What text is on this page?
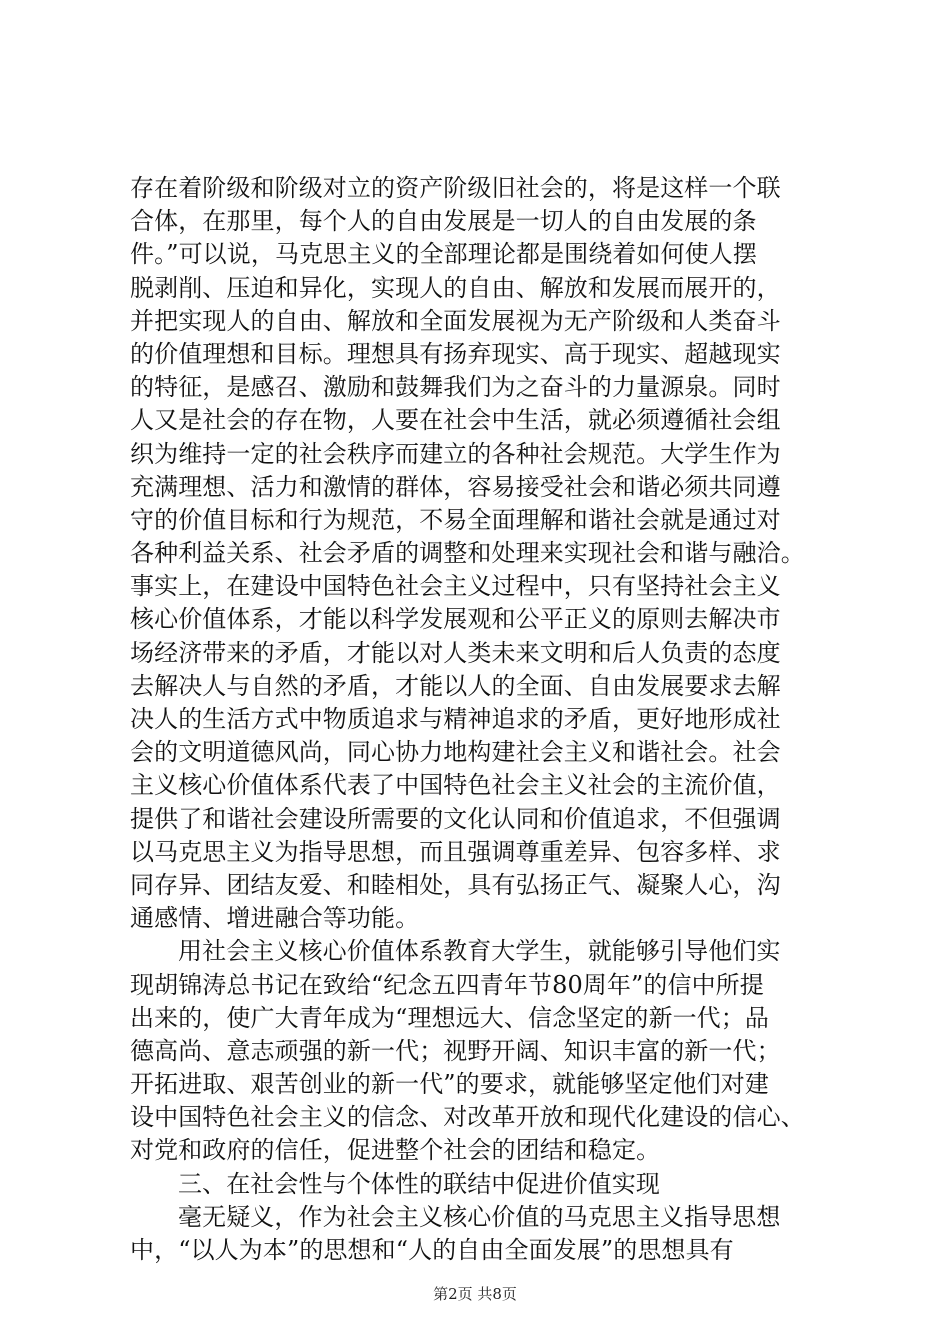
存在着阶级和阶级对立的资产阶级旧社会的，将是这样一个联
合体，在那里，每个人的自由发展是一切人的自由发展的条
件。”可以说，马克思主义的全部理论都是围绕着如何使人摆
脱剥削、压迫和异化，实现人的自由、解放和发展而展开的，
并把实现人的自由、解放和全面发展视为无产阶级和人类奋斗
的价值理想和目标。理想具有扬弃现实、高于现实、超越现实
的特征，是感召、激励和鼓舞我们为之奋斗的力量源泉。同时
人又是社会的存在物，人要在社会中生活，就必须遵循社会组
织为维持一定的社会秩序而建立的各种社会规范。大学生作为
充满理想、活力和激情的群体，容易接受社会和谐必须共同遵
守的价值目标和行为规范，不易全面理解和谐社会就是通过对
各种利益关系、社会矛盾的调整和处理来实现社会和谐与融洽。
事实上，在建设中国特色社会主义过程中，只有坚持社会主义
核心价值体系，才能以科学发展观和公平正义的原则去解决市
场经济带来的矛盾，才能以对人类未来文明和后人负责的态度
去解决人与自然的矛盾，才能以人的全面、自由发展要求去解
决人的生活方式中物质追求与精神追求的矛盾，更好地形成社
会的文明道德风尚，同心协力地构建社会主义和谐社会。社会
主义核心价值体系代表了中国特色社会主义社会的主流价值，
提供了和谐社会建设所需要的文化认同和价值追求，不但强调
以马克思主义为指导思想，而且强调尊重差异、包容多样、求
同存异、团结友爱、和睦相处，具有弘扬正气、凝聚人心，沟
通感情、增进融合等功能。
用社会主义核心价值体系教育大学生，就能够引导他们实
现胡锦涛总书记在致给“纪念五四青年节80周年”的信中所提
出来的，使广大青年成为“理想远大、信念坚定的新一代；品
德高尚、意志顽强的新一代；视野开阔、知识丰富的新一代；
开拓进取、艰苦创业的新一代”的要求，就能够坚定他们对建
设中国特色社会主义的信念、对改革开放和现代化建设的信心、
对党和政府的信任，促进整个社会的团结和稳定。
三、在社会性与个体性的联结中促进价值实现
毫无疑义，作为社会主义核心价值的马克思主义指导思想
中，“以人为本”的思想和“人的自由全面发展”的思想具有
第2页 共8页
